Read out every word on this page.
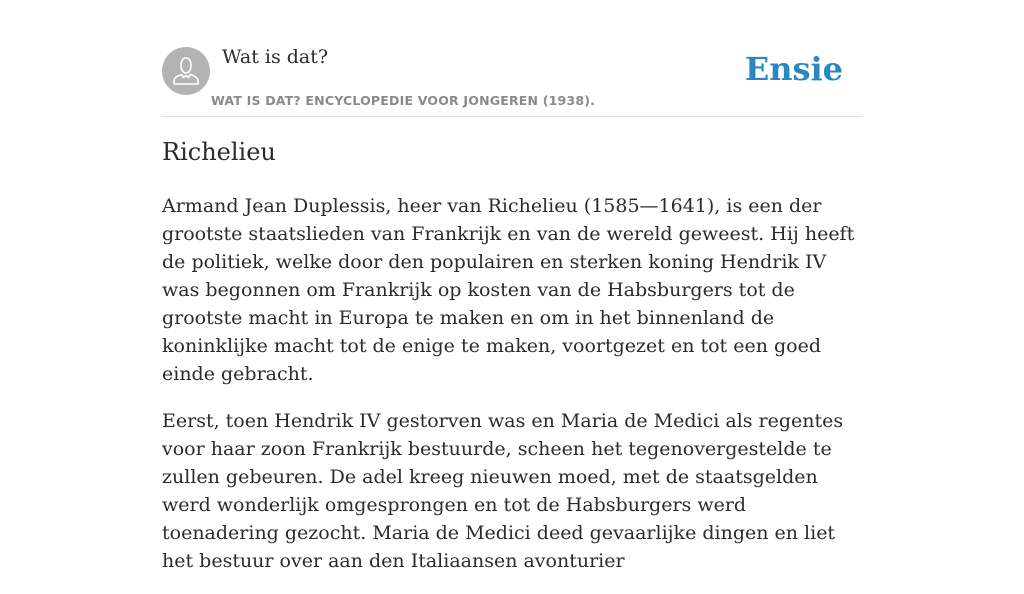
Wat is dat?
WAT IS DAT? ENCYCLOPEDIE VOOR JONGEREN (1938).
Ensie
Richelieu

Armand Jean Duplessis, heer van Richelieu (1585—1641), is een der grootste staatslieden van Frankrijk en van de wereld geweest. Hij heeft de politiek, welke door den populairen en sterken koning Hendrik IV was begonnen om Frankrijk op kosten van de Habsburgers tot de grootste macht in Europa te maken en om in het binnenland de koninklijke macht tot de enige te maken, voortgezet en tot een goed einde gebracht.

Eerst, toen Hendrik IV gestorven was en Maria de Medici als regentes voor haar zoon Frankrijk bestuurde, scheen het tegenovergestelde te zullen gebeuren. De adel kreeg nieuwen moed, met de staatsgelden werd wonderlijk omgesprongen en tot de Habsburgers werd toenadering gezocht. Maria de Medici deed gevaarlijke dingen en liet het bestuur over aan den Italiaansen avonturier
